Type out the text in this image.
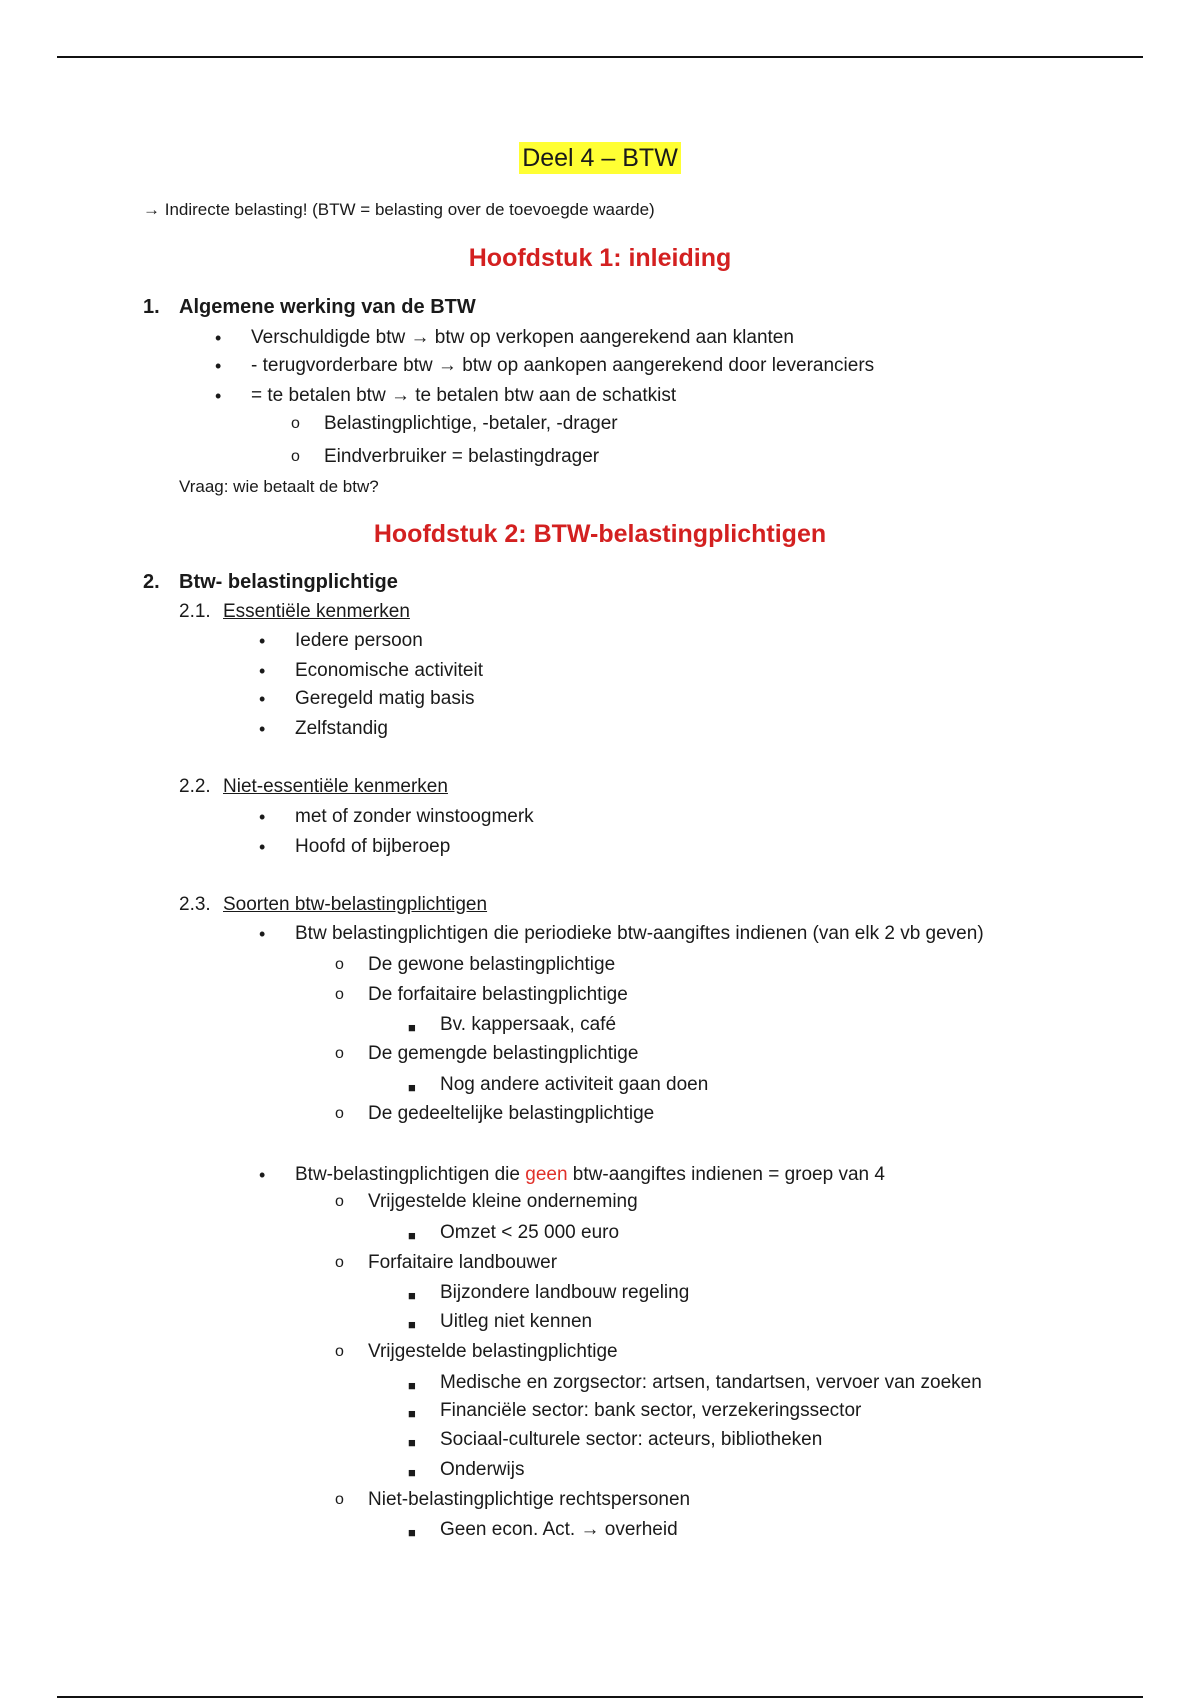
Deel 4 – BTW
→ Indirecte belasting! (BTW = belasting over de toevoegde waarde)
Hoofdstuk 1: inleiding
1. Algemene werking van de BTW
• Verschuldigde btw → btw op verkopen aangerekend aan klanten
• - terugvorderbare btw → btw op aankopen aangerekend door leveranciers
• = te betalen btw → te betalen btw aan de schatkist
o Belastingplichtige, -betaler, -drager
o Eindverbruiker = belastingdrager
Vraag: wie betaalt de btw?
Hoofdstuk 2: BTW-belastingplichtigen
2. Btw- belastingplichtige
2.1. Essentiële kenmerken
• Iedere persoon
• Economische activiteit
• Geregeld matig basis
• Zelfstandig
2.2. Niet-essentiële kenmerken
• met of zonder winstoogmerk
• Hoofd of bijberoep
2.3. Soorten btw-belastingplichtigen
• Btw belastingplichtigen die periodieke btw-aangiftes indienen (van elk 2 vb geven)
o De gewone belastingplichtige
o De forfaitaire belastingplichtige
■ Bv. kappersaak, café
o De gemengde belastingplichtige
■ Nog andere activiteit gaan doen
o De gedeeltelijke belastingplichtige
• Btw-belastingplichtigen die geen btw-aangiftes indienen = groep van 4
o Vrijgestelde kleine onderneming
■ Omzet < 25 000 euro
o Forfaitaire landbouwer
■ Bijzondere landbouw regeling
■ Uitleg niet kennen
o Vrijgestelde belastingplichtige
■ Medische en zorgsector: artsen, tandartsen, vervoer van zoeken
■ Financiële sector: bank sector, verzekeringssector
■ Sociaal-culturele sector: acteurs, bibliotheken
■ Onderwijs
o Niet-belastingplichtige rechtspersonen
■ Geen econ. Act. → overheid
